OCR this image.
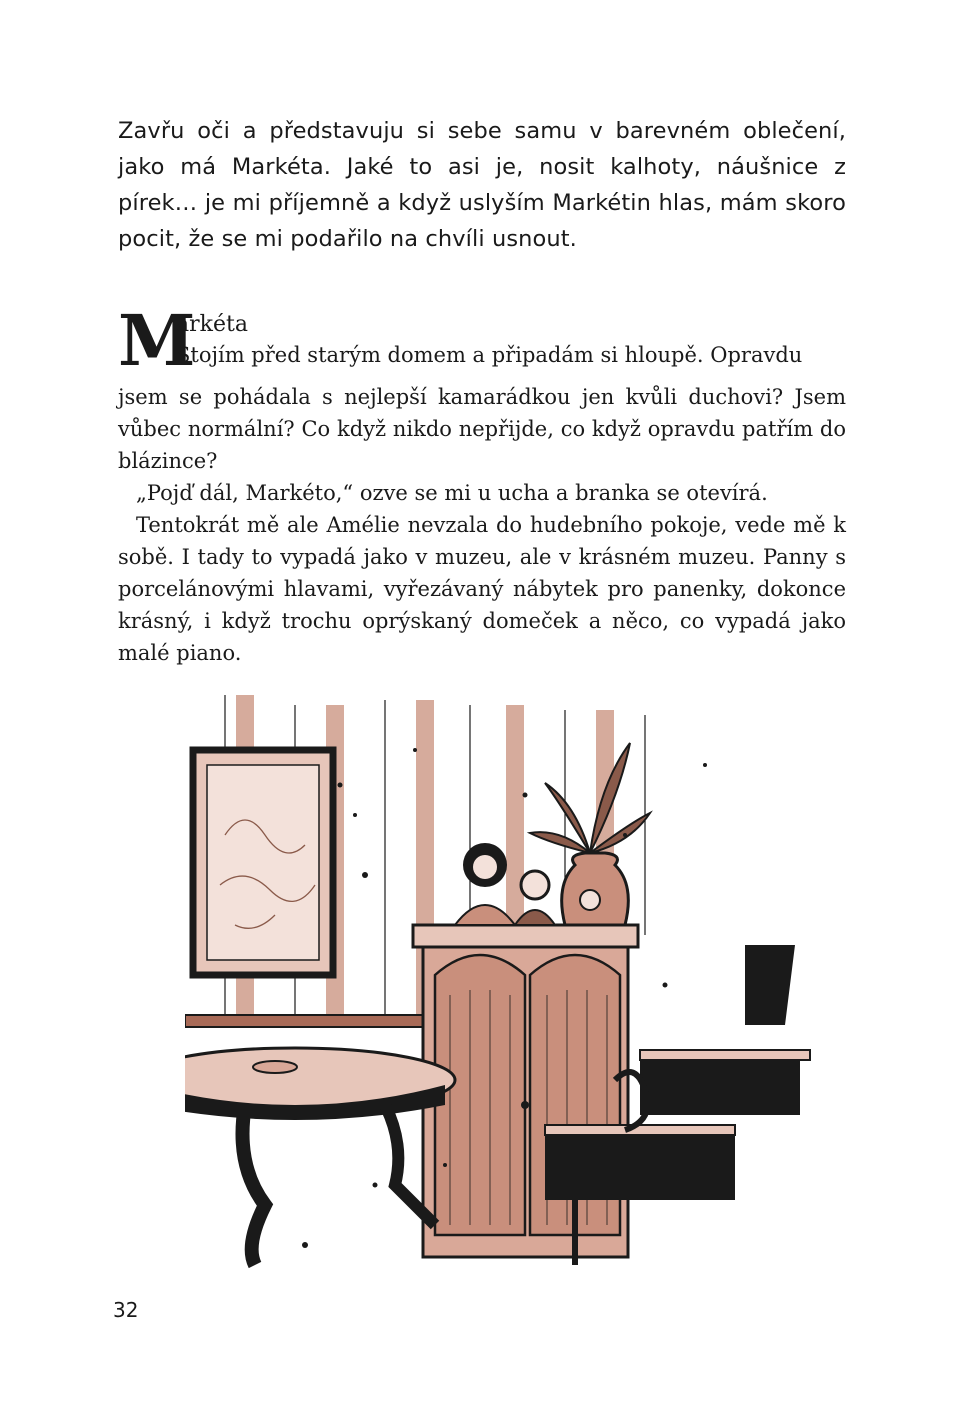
Zavřu oči a představuju si sebe samu v barevném oblečení, jako má Markéta. Jaké to asi je, nosit kalhoty, náušnice z pírek… je mi příjemně a když uslyším Markétin hlas, mám skoro pocit, že se mi podařilo na chvíli usnout.

M
arkéta

Stojím před starým domem a připadám si hloupě. Opravdu

jsem se pohádala s nejlepší kamarádkou jen kvůli duchovi? Jsem vůbec normální? Co když nikdo nepřijde, co když opravdu patřím do blázince?

„Pojď dál, Markéto,“ ozve se mi u ucha a branka se otevírá.

Tentokrát mě ale Amélie nevzala do hudebního pokoje, vede mě k sobě. I tady to vypadá jako v muzeu, ale v krásném muzeu. Panny s porcelánovými hlavami, vyřezávaný nábytek pro panenky, dokonce krásný, i když trochu oprýskaný domeček a něco, co vypadá jako malé piano.

32
